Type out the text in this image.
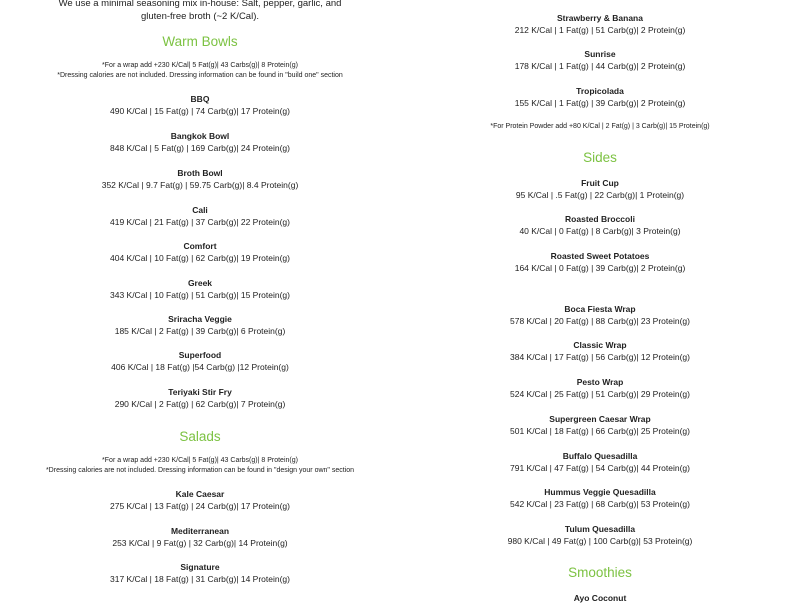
We use a minimal seasoning mix in-house: Salt, pepper, garlic, and gluten-free broth (~2 K/Cal).

Warm Bowls

*For a wrap add +230 K/Cal| 5 Fat(g)| 43 Carbs(g)| 8 Protein(g)

*Dressing calories are not included. Dressing information can be found in "build one" section

BBQ
490 K/Cal | 15 Fat(g) | 74 Carb(g)| 17 Protein(g)
Bangkok Bowl
848 K/Cal | 5 Fat(g) | 169 Carb(g)| 24 Protein(g)
Broth Bowl
352 K/Cal | 9.7 Fat(g) | 59.75 Carb(g)| 8.4 Protein(g)
Cali
419 K/Cal | 21 Fat(g) | 37 Carb(g)| 22 Protein(g)
Comfort
404 K/Cal | 10 Fat(g) | 62 Carb(g)| 19 Protein(g)
Greek
343 K/Cal | 10 Fat(g) | 51 Carb(g)| 15 Protein(g)
Sriracha Veggie
185 K/Cal | 2 Fat(g) | 39 Carb(g)| 6 Protein(g)
Superfood
406 K/Cal | 18 Fat(g) |54 Carb(g) |12 Protein(g)
Teriyaki Stir Fry
290 K/Cal | 2 Fat(g) | 62 Carb(g)| 7 Protein(g)
Salads

*For a wrap add +230 K/Cal| 5 Fat(g)| 43 Carbs(g)| 8 Protein(g)

*Dressing calories are not included. Dressing information can be found in "design your own" section

Kale Caesar
275 K/Cal | 13 Fat(g) | 24 Carb(g)| 17 Protein(g)
Mediterranean
253 K/Cal | 9 Fat(g) | 32 Carb(g)| 14 Protein(g)
Signature
317 K/Cal | 18 Fat(g) | 31 Carb(g)| 14 Protein(g)
Strawberry & Banana
212 K/Cal | 1 Fat(g) | 51 Carb(g)| 2 Protein(g)
Sunrise
178 K/Cal | 1 Fat(g) | 44 Carb(g)| 2 Protein(g)
Tropicolada
155 K/Cal | 1 Fat(g) | 39 Carb(g)| 2 Protein(g)

*For Protein Powder add +80 K/Cal | 2 Fat(g) | 3 Carb(g)| 15 Protein(g)

Sides
Fruit Cup
95 K/Cal | .5 Fat(g) | 22 Carb(g)| 1 Protein(g)
Roasted Broccoli
40 K/Cal | 0 Fat(g) | 8 Carb(g)| 3 Protein(g)
Roasted Sweet Potatoes
164 K/Cal | 0 Fat(g) | 39 Carb(g)| 2 Protein(g)
Boca Fiesta Wrap
578 K/Cal | 20 Fat(g) | 88 Carb(g)| 23 Protein(g)
Classic Wrap
384 K/Cal | 17 Fat(g) | 56 Carb(g)| 12 Protein(g)
Pesto Wrap
524 K/Cal | 25 Fat(g) | 51 Carb(g)| 29 Protein(g)
Supergreen Caesar Wrap
501 K/Cal | 18 Fat(g) | 66 Carb(g)| 25 Protein(g)
Buffalo Quesadilla
791 K/Cal | 47 Fat(g) | 54 Carb(g)| 44 Protein(g)
Hummus Veggie Quesadilla
542 K/Cal | 23 Fat(g) | 68 Carb(g)| 53 Protein(g)
Tulum Quesadilla
980 K/Cal | 49 Fat(g) | 100 Carb(g)| 53 Protein(g)
Smoothies
Ayo Coconut
